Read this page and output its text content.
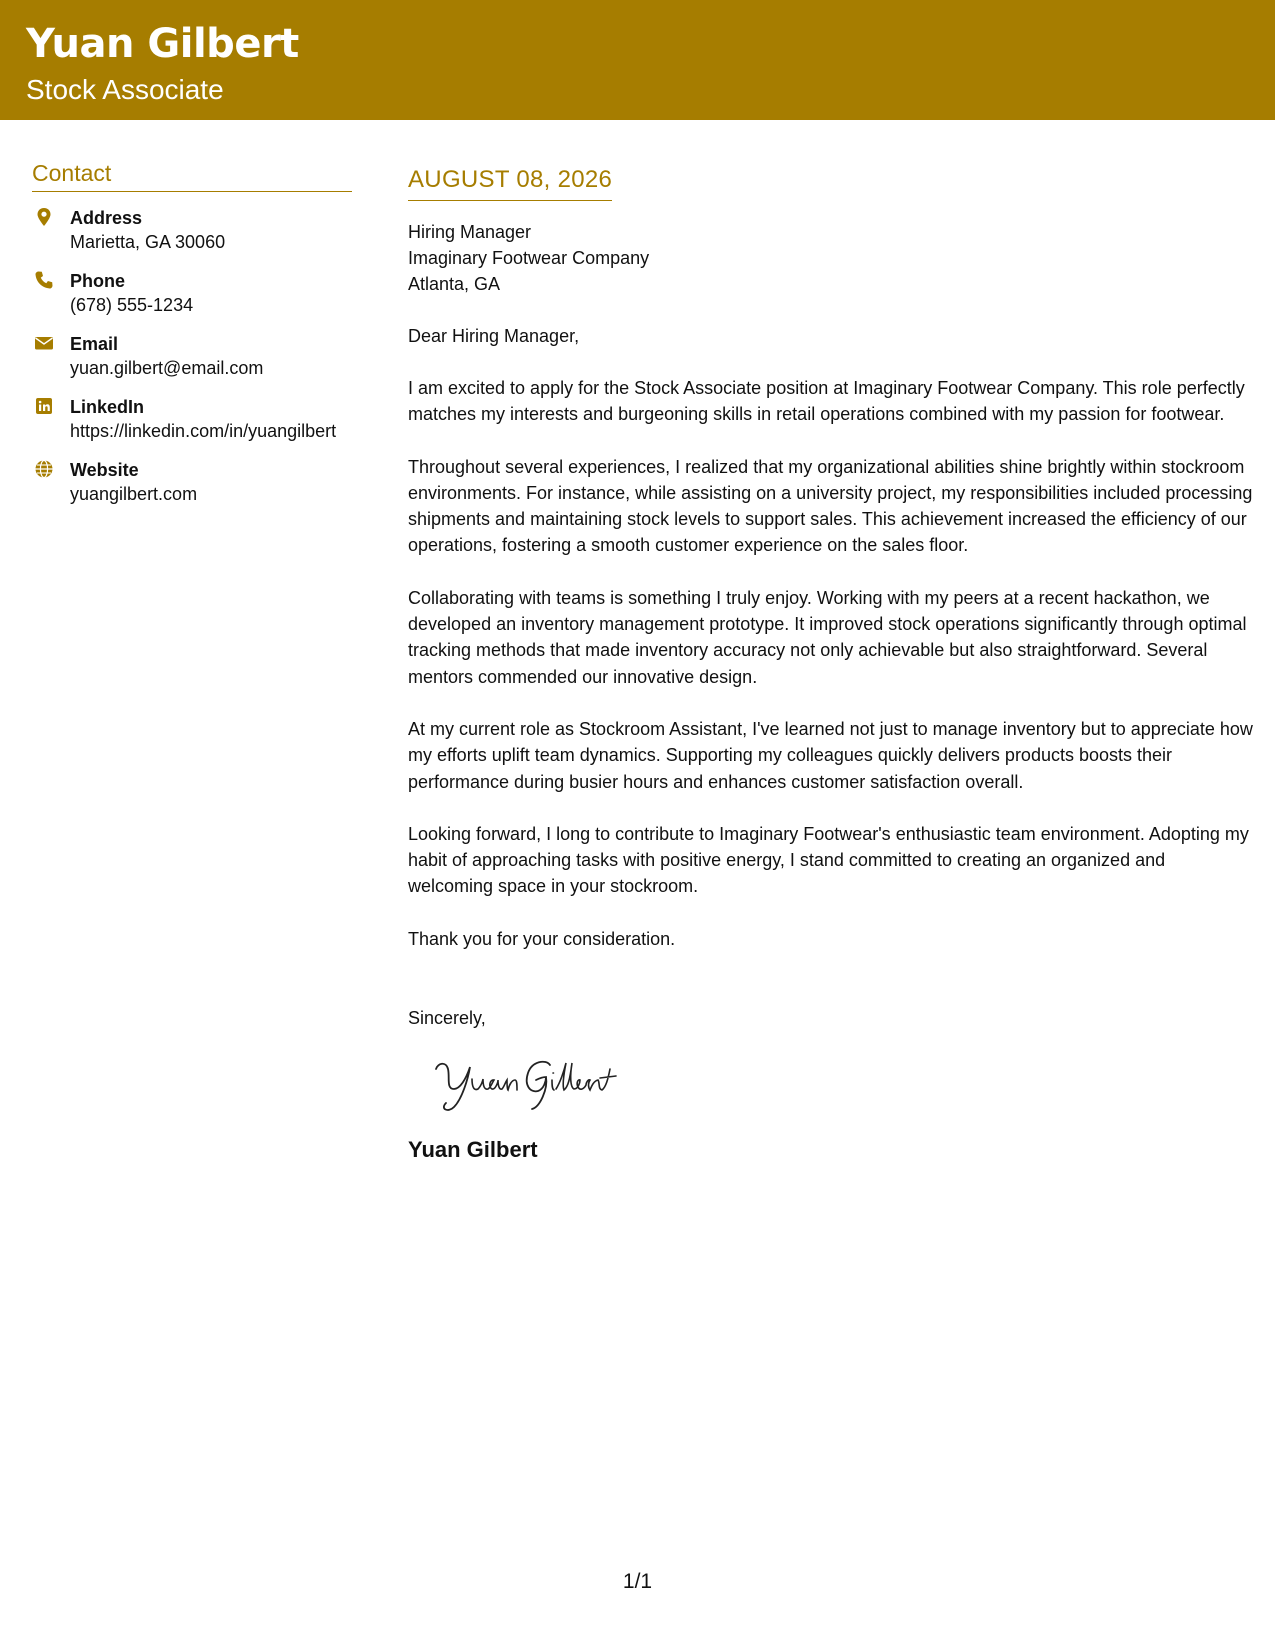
Yuan Gilbert
Stock Associate
Contact
Address
Marietta, GA 30060
Phone
(678) 555-1234
Email
yuan.gilbert@email.com
LinkedIn
https://linkedin.com/in/yuangilbert
Website
yuangilbert.com
AUGUST 08, 2026
Hiring Manager
Imaginary Footwear Company
Atlanta, GA
Dear Hiring Manager,

I am excited to apply for the Stock Associate position at Imaginary Footwear Company. This role perfectly matches my interests and burgeoning skills in retail operations combined with my passion for footwear.

Throughout several experiences, I realized that my organizational abilities shine brightly within stockroom environments. For instance, while assisting on a university project, my responsibilities included processing shipments and maintaining stock levels to support sales. This achievement increased the efficiency of our operations, fostering a smooth customer experience on the sales floor.

Collaborating with teams is something I truly enjoy. Working with my peers at a recent hackathon, we developed an inventory management prototype. It improved stock operations significantly through optimal tracking methods that made inventory accuracy not only achievable but also straightforward. Several mentors commended our innovative design.

At my current role as Stockroom Assistant, I've learned not just to manage inventory but to appreciate how my efforts uplift team dynamics. Supporting my colleagues quickly delivers products boosts their performance during busier hours and enhances customer satisfaction overall.

Looking forward, I long to contribute to Imaginary Footwear's enthusiastic team environment. Adopting my habit of approaching tasks with positive energy, I stand committed to creating an organized and welcoming space in your stockroom.

Thank you for your consideration.

Sincerely,
Yuan Gilbert
1/1
